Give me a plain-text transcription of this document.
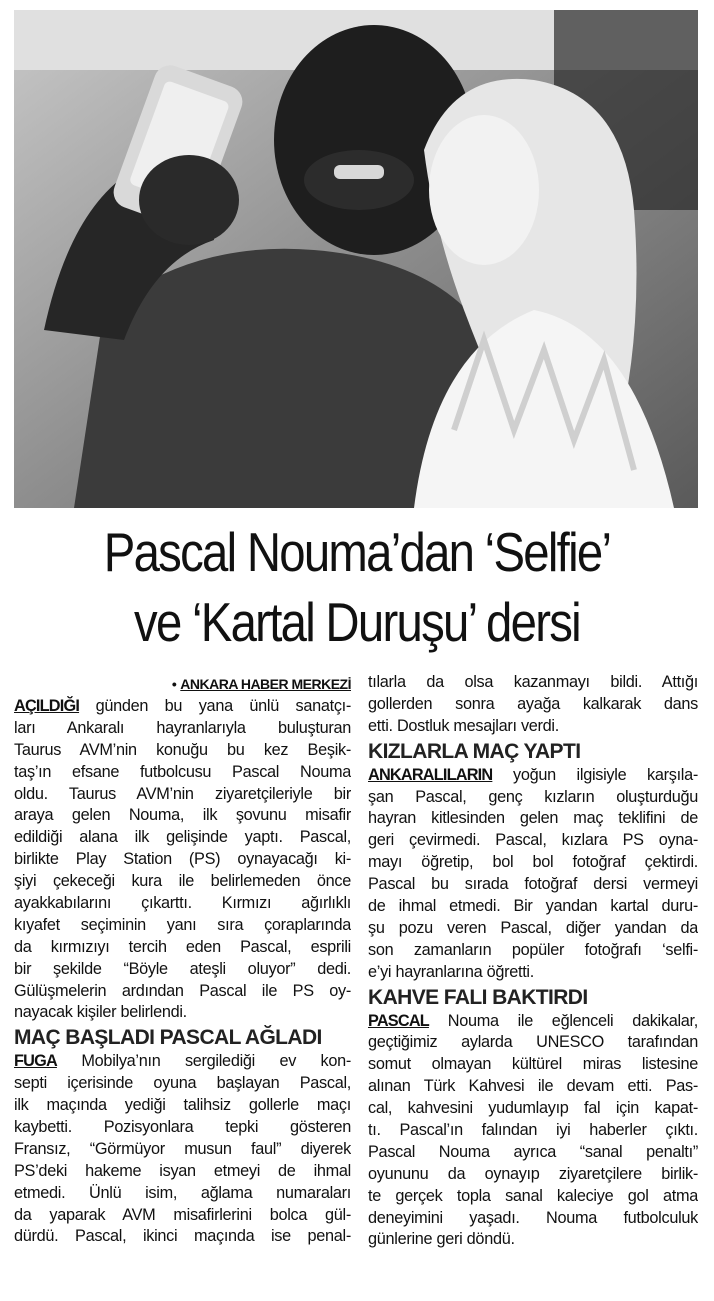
Pascal Nouma’dan ‘Selfie’
ve ‘Kartal Duruşu’ dersi
• ANKARA HABER MERKEZİ
AÇILDIĞI günden bu yana ünlü sanatçı-
ları Ankaralı hayranlarıyla buluşturan
Taurus AVM’nin konuğu bu kez Beşik-
taş’ın efsane futbolcusu Pascal Nouma
oldu. Taurus AVM’nin ziyaretçileriyle bir
araya gelen Nouma, ilk şovunu misafir
edildiği alana ilk gelişinde yaptı. Pascal,
birlikte Play Station (PS) oynayacağı ki-
şiyi çekeceği kura ile belirlemeden önce
ayakkabılarını çıkarttı. Kırmızı ağırlıklı
kıyafet seçiminin yanı sıra çoraplarında
da kırmızıyı tercih eden Pascal, esprili
bir şekilde “Böyle ateşli oluyor” dedi.
Gülüşmelerin ardından Pascal ile PS oy-
nayacak kişiler belirlendi.
MAÇ BAŞLADI PASCAL AĞLADI
FUGA Mobilya’nın sergilediği ev kon-
septi içerisinde oyuna başlayan Pascal,
ilk maçında yediği talihsiz gollerle maçı
kaybetti. Pozisyonlara tepki gösteren
Fransız, “Görmüyor musun faul” diyerek
PS’deki hakeme isyan etmeyi de ihmal
etmedi. Ünlü isim, ağlama numaraları
da yaparak AVM misafirlerini bolca gül-
dürdü. Pascal, ikinci maçında ise penal-
tılarla da olsa kazanmayı bildi. Attığı
gollerden sonra ayağa kalkarak dans
etti. Dostluk mesajları verdi.
KIZLARLA MAÇ YAPTI
ANKARALILARIN yoğun ilgisiyle karşıla-
şan Pascal, genç kızların oluşturduğu
hayran kitlesinden gelen maç teklifini de
geri çevirmedi. Pascal, kızlara PS oyna-
mayı öğretip, bol bol fotoğraf çektirdi.
Pascal bu sırada fotoğraf dersi vermeyi
de ihmal etmedi. Bir yandan kartal duru-
şu pozu veren Pascal, diğer yandan da
son zamanların popüler fotoğrafı ‘selfi-
e’yi hayranlarına öğretti.
KAHVE FALI BAKTIRDI
PASCAL Nouma ile eğlenceli dakikalar,
geçtiğimiz aylarda UNESCO tarafından
somut olmayan kültürel miras listesine
alınan Türk Kahvesi ile devam etti. Pas-
cal, kahvesini yudumlayıp fal için kapat-
tı. Pascal’ın falından iyi haberler çıktı.
Pascal Nouma ayrıca “sanal penaltı”
oyununu da oynayıp ziyaretçilere birlik-
te gerçek topla sanal kaleciye gol atma
deneyimini yaşadı. Nouma futbolculuk
günlerine geri döndü.
